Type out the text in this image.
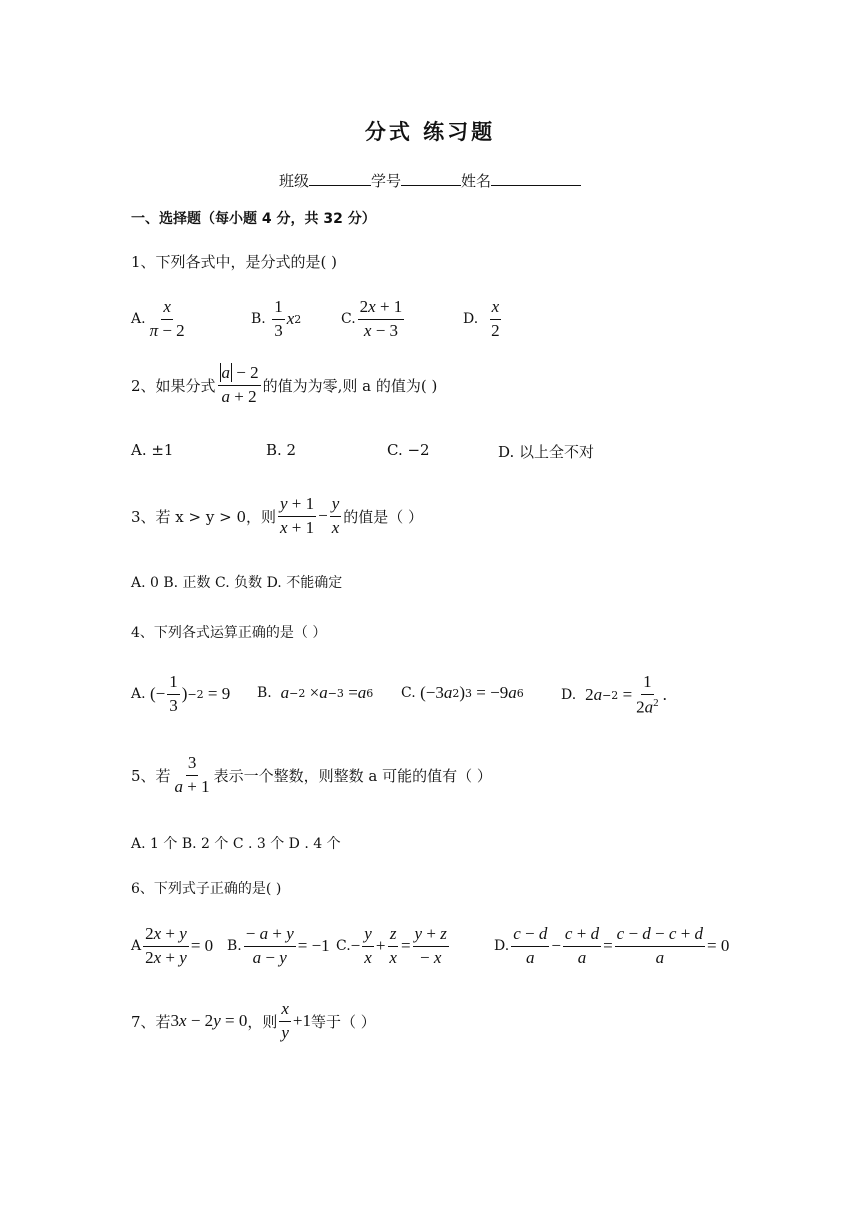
分式 练习题
班级	学号	姓名
一、选择题（每小题 4 分，共 32 分）
1、下列各式中，是分式的是( )
A. $\frac{x}{\pi - 2}$	B.
$\frac{1}{3}$ x 2	C. $\frac{2x + 1}{x - 3}$	D.
$\frac{x}{2}$
2、如果分式 $\frac{a - 2}{a + 2}$ 的值为为零,则 a 的值为( )
A. ±1	B. 2	C. −2	D. 以上全不对
3、若 x > y > 0，则 $\frac{y + 1}{x + 1} - \frac{y}{x}$ 的值是（ ）
A. 0 B. 正数 C. 负数 D. 不能确定
4、下列各式运算正确的是（ ）
A.
(− $\frac{1}{3}$ ) −2 = 9 B.
a −2 × a −3 = a 6 C.
(−3 a 2 ) 3 = −9 a 6	D.
2 $a -2 = \frac{1}{2a^2}$ .
5、若 $\frac{3}{a + 1}$ 表示一个整数，则整数 a 可能的值有（ ）
A. 1 个 B. 2 个 C . 3 个 D . 4 个
6、下列式子正确的是( )
A $\frac{2x + y}{2x + y} = 0$ B. $\frac{- a + y}{a - y} = -1$ C. − $\frac{y}{x} + \frac{z}{x} = \frac{y + z}{- x}$	D. $\frac{c - d}{a} - \frac{c + d}{a} = \frac{c - d - c + d}{a} = 0$
7、若 3x − 2y = 0 ，则 $\frac{x}{y} +1$ 等于（ ）
